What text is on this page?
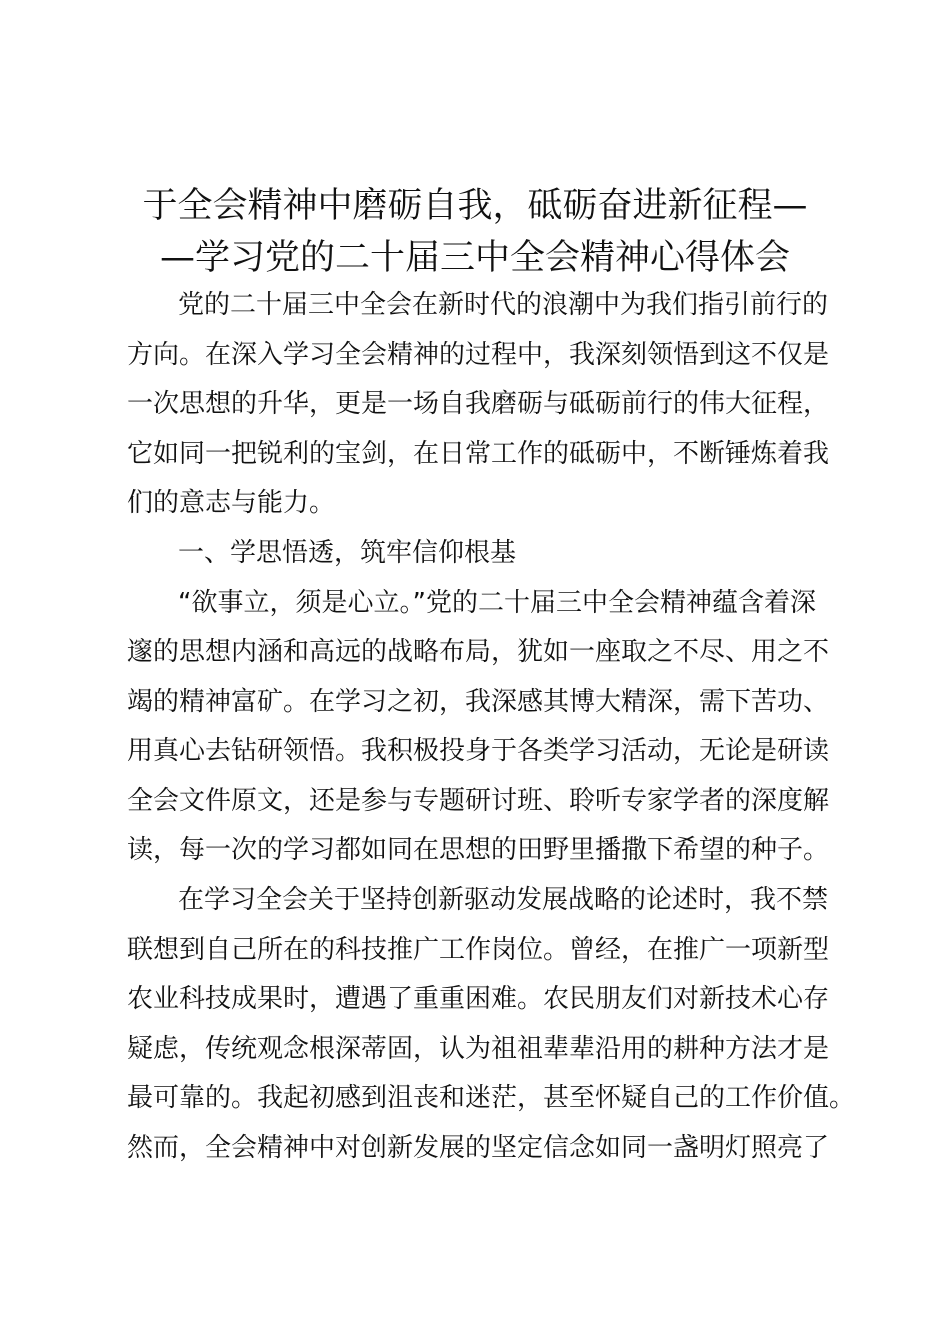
于全会精神中磨砺自我，砥砺奋进新征程—
—学习党的二十届三中全会精神心得体会

党的二十届三中全会在新时代的浪潮中为我们指引前行的

方向。在深入学习全会精神的过程中，我深刻领悟到这不仅是

一次思想的升华，更是一场自我磨砺与砥砺前行的伟大征程，

它如同一把锐利的宝剑，在日常工作的砥砺中，不断锤炼着我

们的意志与能力。

一、学思悟透，筑牢信仰根基

“欲事立，须是心立。”党的二十届三中全会精神蕴含着深

邃的思想内涵和高远的战略布局，犹如一座取之不尽、用之不

竭的精神富矿。在学习之初，我深感其博大精深，需下苦功、

用真心去钻研领悟。我积极投身于各类学习活动，无论是研读

全会文件原文，还是参与专题研讨班、聆听专家学者的深度解

读，每一次的学习都如同在思想的田野里播撒下希望的种子。

在学习全会关于坚持创新驱动发展战略的论述时，我不禁

联想到自己所在的科技推广工作岗位。曾经，在推广一项新型

农业科技成果时，遭遇了重重困难。农民朋友们对新技术心存

疑虑，传统观念根深蒂固，认为祖祖辈辈沿用的耕种方法才是

最可靠的。我起初感到沮丧和迷茫，甚至怀疑自己的工作价值。

然而，全会精神中对创新发展的坚定信念如同一盏明灯照亮了
